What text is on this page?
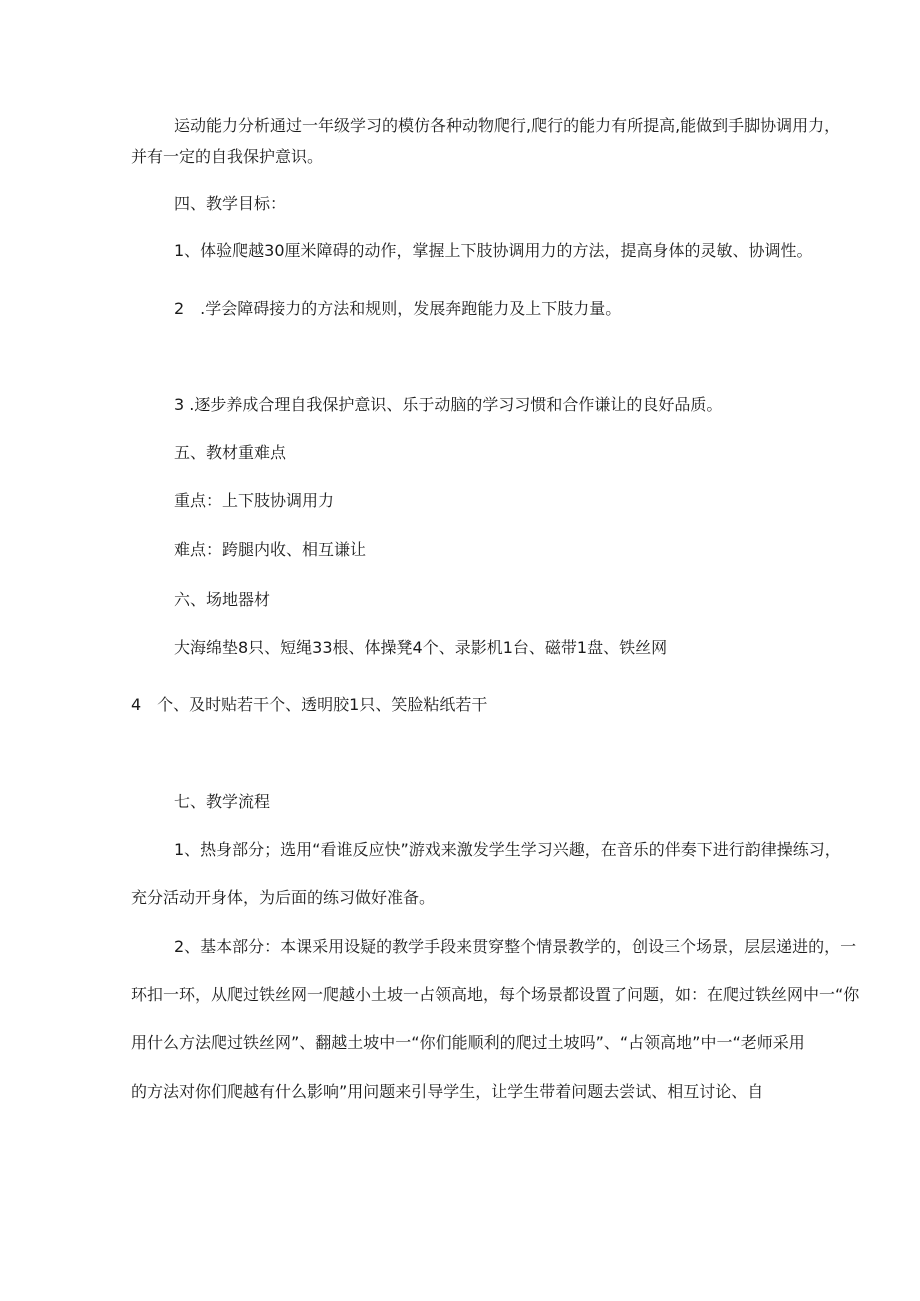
运动能力分析通过一年级学习的模仿各种动物爬行,爬行的能力有所提高,能做到手脚协调用力，
并有一定的自我保护意识。
四、教学目标：
1、体验爬越30厘米障碍的动作，掌握上下肢协调用力的方法，提高身体的灵敏、协调性。
2　.学会障碍接力的方法和规则，发展奔跑能力及上下肢力量。
3 .逐步养成合理自我保护意识、乐于动脑的学习习惯和合作谦让的良好品质。
五、教材重难点
重点：上下肢协调用力
难点：跨腿内收、相互谦让
六、场地器材
大海绵垫8只、短绳33根、体操凳4个、录影机1台、磁带1盘、铁丝网
4　个、及时贴若干个、透明胶1只、笑脸粘纸若干
七、教学流程
1、热身部分；选用“看谁反应快”游戏来激发学生学习兴趣，在音乐的伴奏下进行韵律操练习，
充分活动开身体，为后面的练习做好准备。
2、基本部分：本课采用设疑的教学手段来贯穿整个情景教学的，创设三个场景，层层递进的，一
环扣一环，从爬过铁丝网一爬越小土坡一占领高地，每个场景都设置了问题，如：在爬过铁丝网中一“你
用什么方法爬过铁丝网”、翻越土坡中一“你们能顺利的爬过土坡吗”、“占领高地”中一“老师采用
的方法对你们爬越有什么影响”用问题来引导学生，让学生带着问题去尝试、相互讨论、自
